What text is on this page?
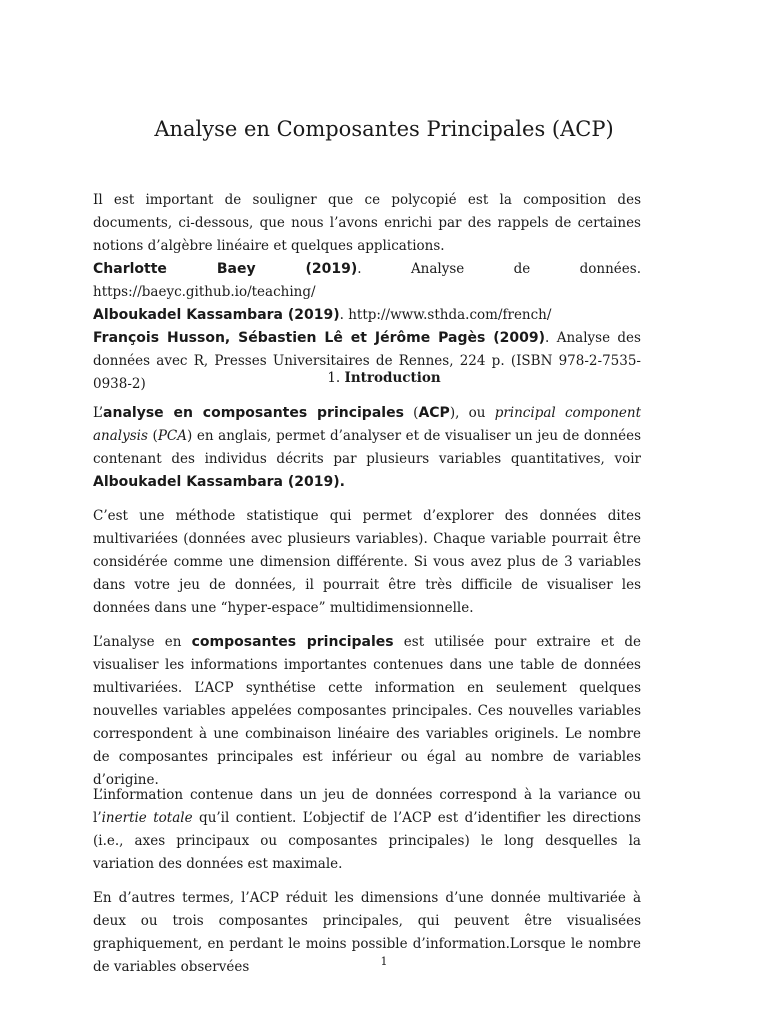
Analyse en Composantes Principales (ACP)
Il est important de souligner que ce polycopié est la composition des documents, ci-dessous, que nous l’avons enrichi par des rappels de certaines notions d’algèbre linéaire et quelques applications.
Charlotte Baey (2019). Analyse de données. https://baeyc.github.io/teaching/
Alboukadel Kassambara (2019). http://www.sthda.com/french/
François Husson, Sébastien Lê et Jérôme Pagès (2009). Analyse des données avec R, Presses Universitaires de Rennes, 224 p. (ISBN 978-2-7535-0938-2)	1. Introduction
L’analyse en composantes principales (ACP), ou principal component analysis (PCA) en anglais, permet d’analyser et de visualiser un jeu de données contenant des individus décrits par plusieurs variables quantitatives, voir Alboukadel Kassambara (2019).
C’est une méthode statistique qui permet d’explorer des données dites multivariées (données avec plusieurs variables). Chaque variable pourrait être considérée comme une dimension différente. Si vous avez plus de 3 variables dans votre jeu de données, il pourrait être très difficile de visualiser les données dans une “hyper-espace” multidimensionnelle.
L’analyse en composantes principales est utilisée pour extraire et de visualiser les informations importantes contenues dans une table de données multivariées. L’ACP synthétise cette information en seulement quelques nouvelles variables appelées composantes principales. Ces nouvelles variables correspondent à une combinaison linéaire des variables originels. Le nombre de composantes principales est inférieur ou égal au nombre de variables d’origine.
L’information contenue dans un jeu de données correspond à la variance ou l’inertie totale qu’il contient. L’objectif de l’ACP est d’identifier les directions (i.e., axes principaux ou composantes principales) le long desquelles la variation des données est maximale.
En d’autres termes, l’ACP réduit les dimensions d’une donnée multivariée à deux ou trois composantes principales, qui peuvent être visualisées graphiquement, en perdant le moins possible d’information.Lorsque le nombre de variables observées	1
